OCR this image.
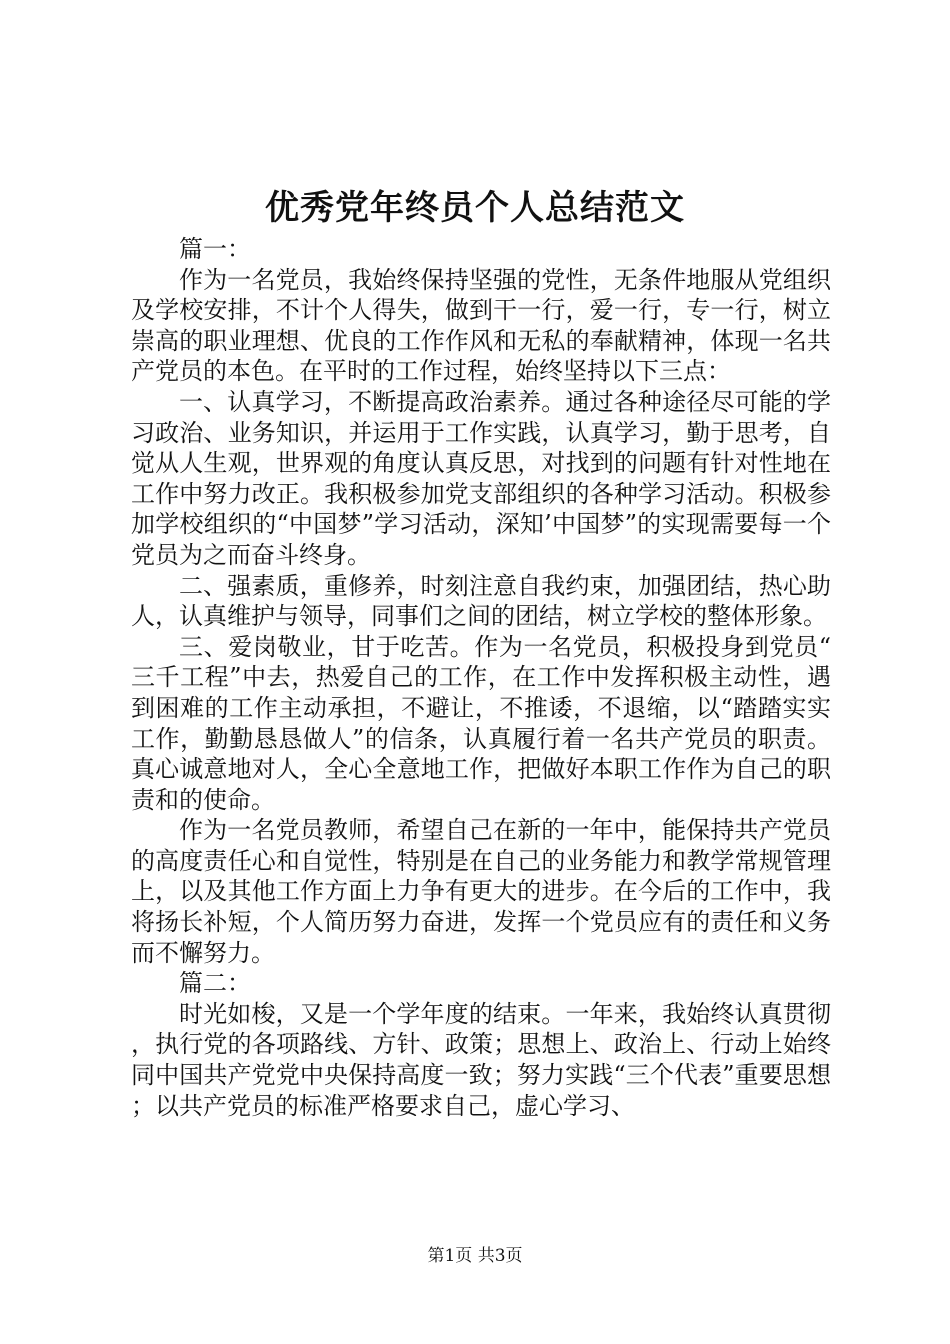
优秀党年终员个人总结范文

篇一：

作为一名党员，我始终保持坚强的党性，无条件地服从党组织及学校安排，不计个人得失，做到干一行，爱一行，专一行，树立崇高的职业理想、优良的工作作风和无私的奉献精神，体现一名共产党员的本色。在平时的工作过程，始终坚持以下三点：

一、认真学习，不断提高政治素养。通过各种途径尽可能的学习政治、业务知识，并运用于工作实践，认真学习，勤于思考，自觉从人生观，世界观的角度认真反思，对找到的问题有针对性地在工作中努力改正。我积极参加党支部组织的各种学习活动。积极参加学校组织的“中国梦”学习活动，深知’中国梦”的实现需要每一个党员为之而奋斗终身。

二、强素质，重修养，时刻注意自我约束，加强团结，热心助人，认真维护与领导，同事们之间的团结，树立学校的整体形象。

三、爱岗敬业，甘于吃苦。作为一名党员，积极投身到党员“三千工程”中去，热爱自己的工作，在工作中发挥积极主动性，遇到困难的工作主动承担，不避让，不推诿，不退缩，以“踏踏实实工作，勤勤恳恳做人”的信条，认真履行着一名共产党员的职责。真心诚意地对人，全心全意地工作，把做好本职工作作为自己的职责和的使命。

作为一名党员教师，希望自己在新的一年中，能保持共产党员的高度责任心和自觉性，特别是在自己的业务能力和教学常规管理上，以及其他工作方面上力争有更大的进步。在今后的工作中，我将扬长补短，个人简历努力奋进，发挥一个党员应有的责任和义务而不懈努力。

篇二：

时光如梭，又是一个学年度的结束。一年来，我始终认真贯彻，执行党的各项路线、方针、政策；思想上、政治上、行动上始终同中国共产党党中央保持高度一致；努力实践“三个代表”重要思想；以共产党员的标准严格要求自己，虚心学习、

第1页 共3页
